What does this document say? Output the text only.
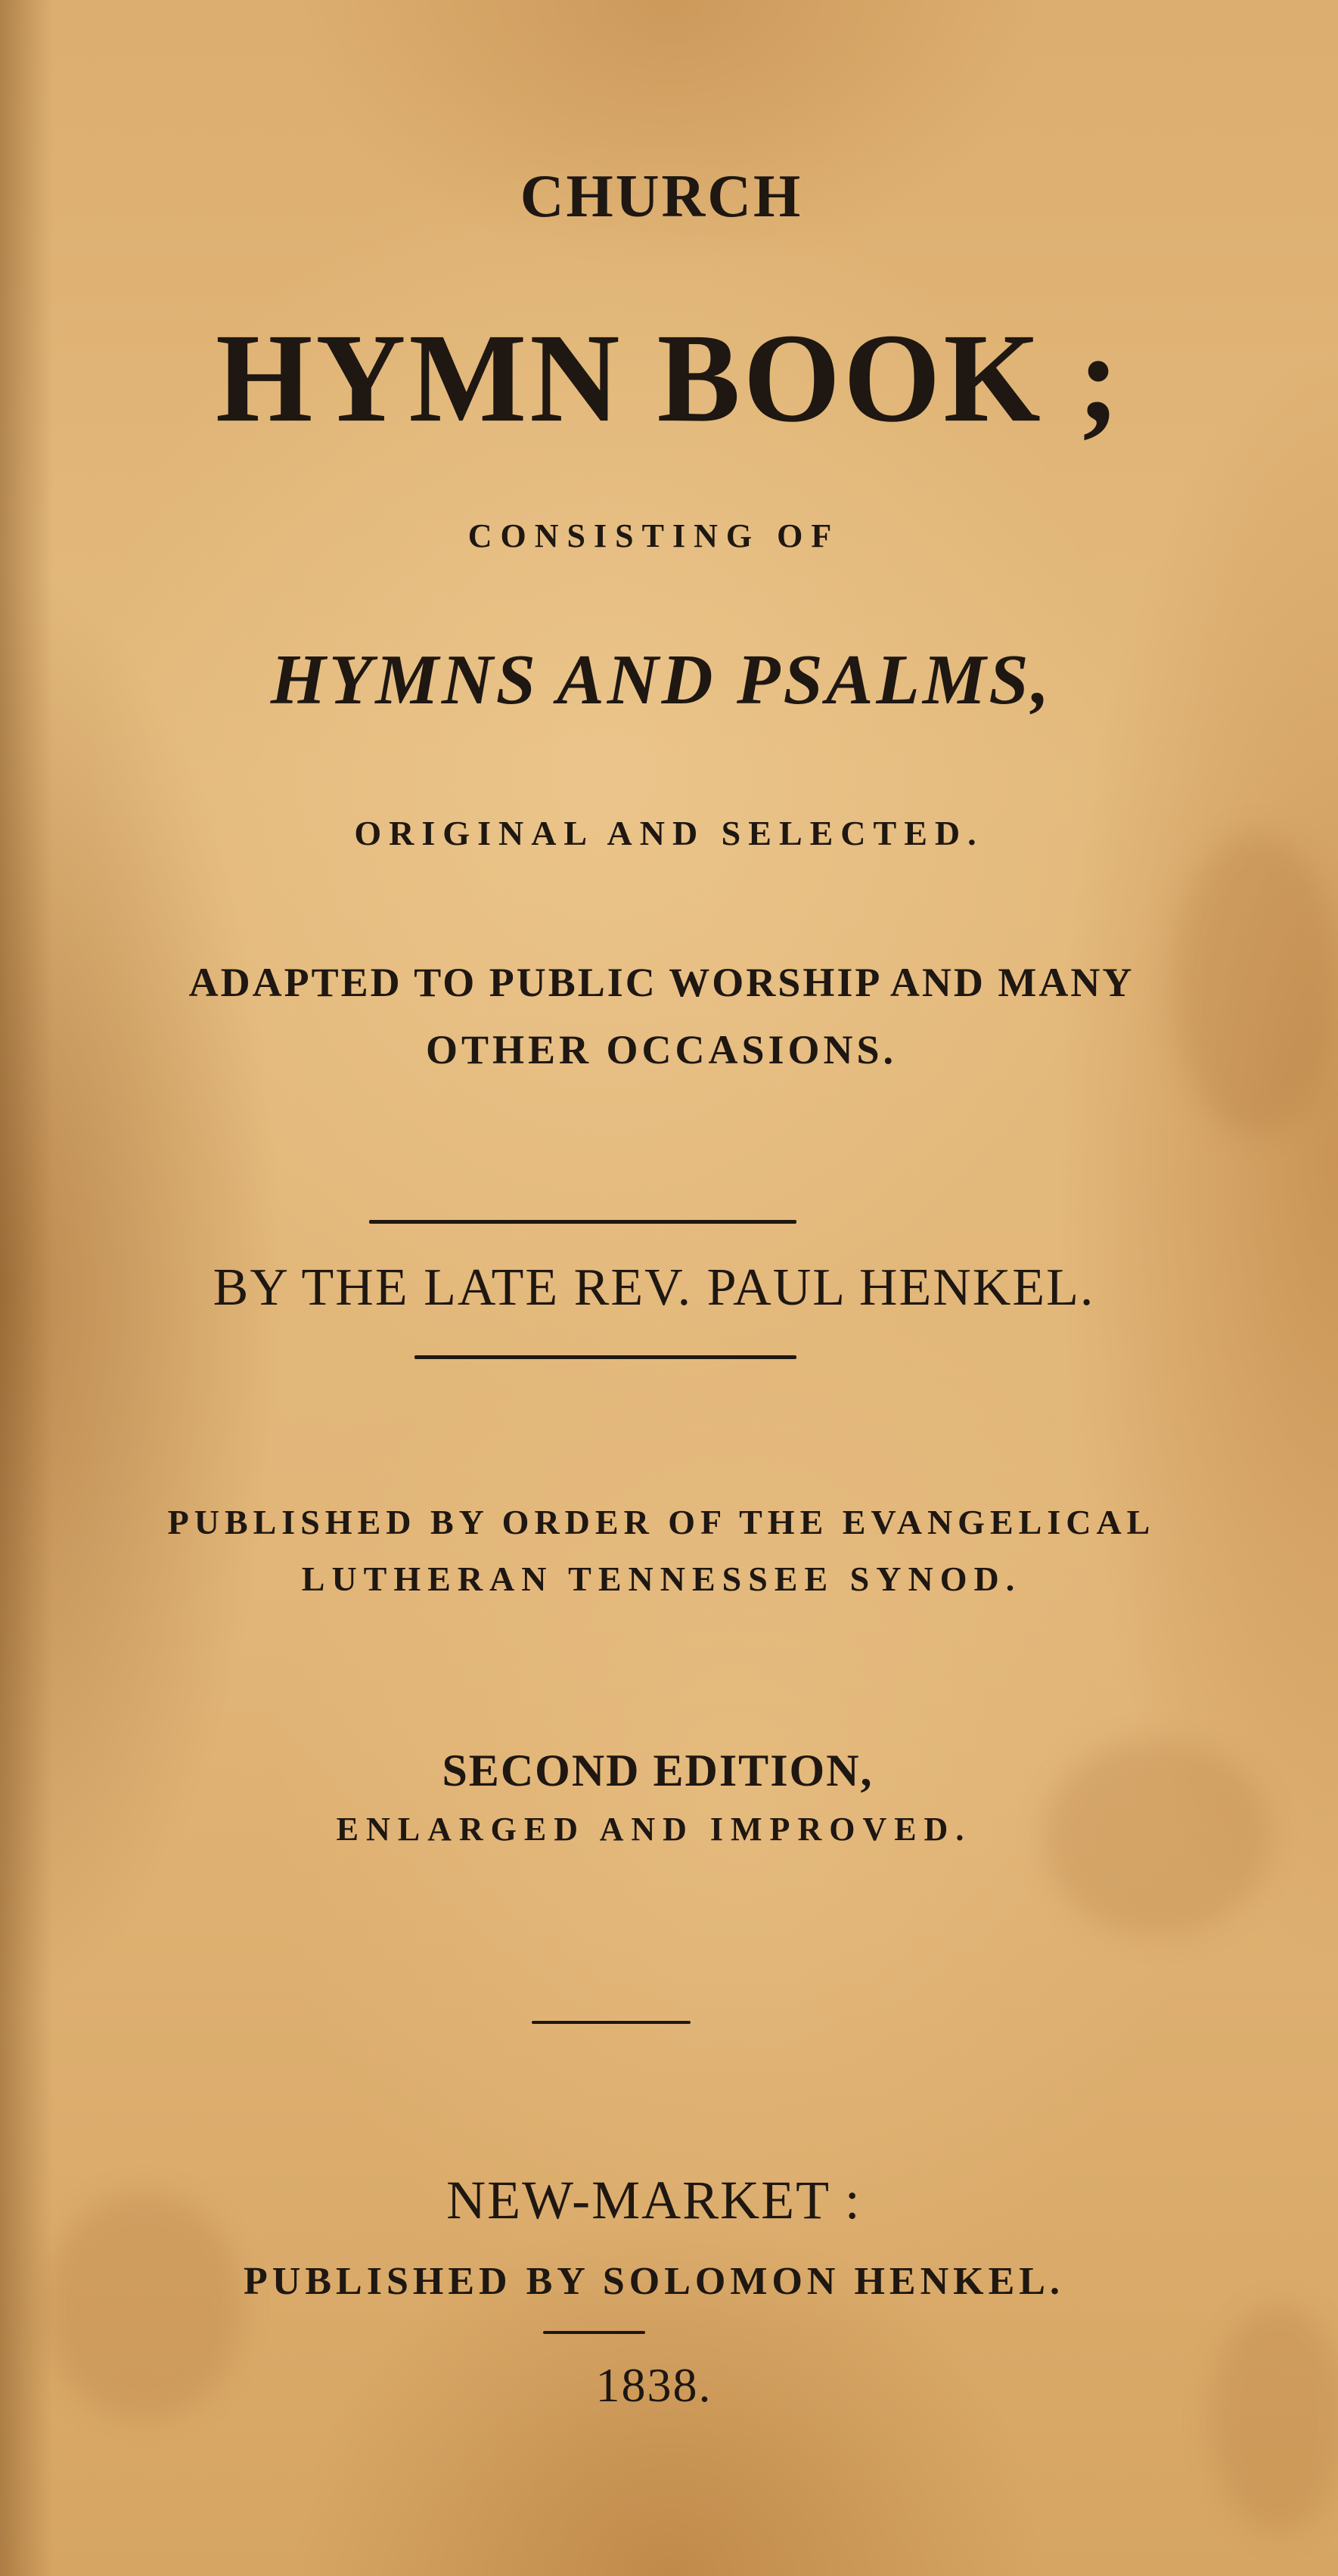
CHURCH
HYMN BOOK ;
CONSISTING OF
HYMNS AND PSALMS,
ORIGINAL AND SELECTED.
ADAPTED TO PUBLIC WORSHIP AND MANY
OTHER OCCASIONS.
BY THE LATE REV. PAUL HENKEL.
PUBLISHED BY ORDER OF THE EVANGELICAL
LUTHERAN TENNESSEE SYNOD.
SECOND EDITION,
ENLARGED AND IMPROVED.
NEW-MARKET :
PUBLISHED BY SOLOMON HENKEL.
1838.
